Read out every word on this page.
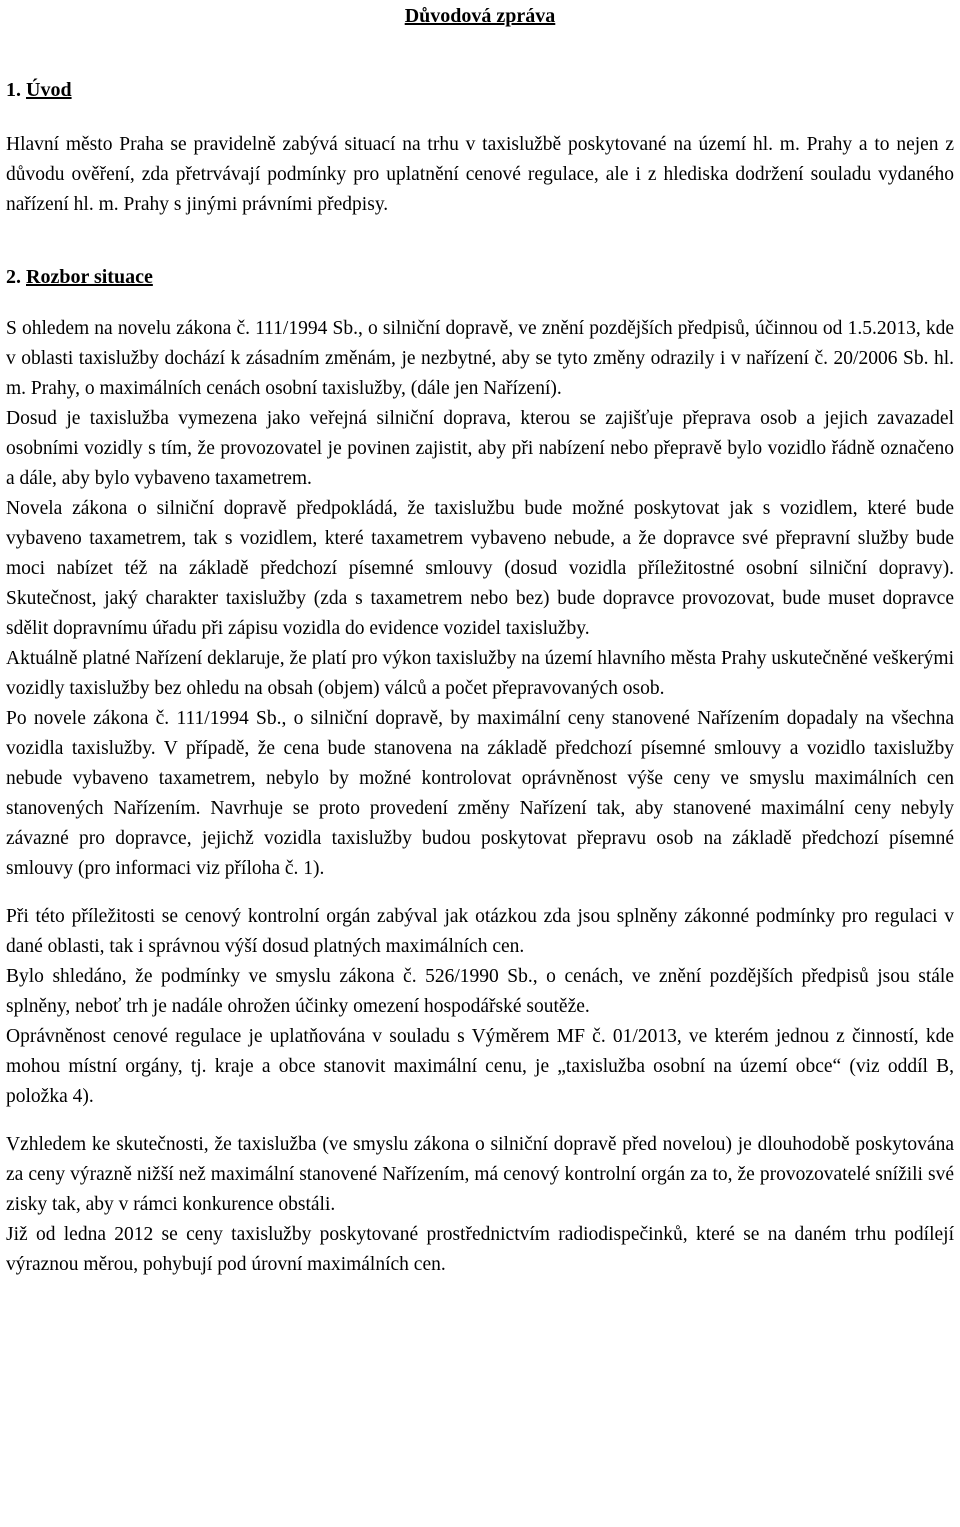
Důvodová zpráva
1. Úvod

Hlavní město Praha se pravidelně zabývá situací na trhu v taxislužbě poskytované na území hl. m. Prahy a to nejen z důvodu ověření, zda přetrvávají podmínky pro uplatnění cenové regulace, ale i z hlediska dodržení souladu vydaného nařízení hl. m. Prahy s jinými právními předpisy.

2. Rozbor situace

S ohledem na novelu zákona č. 111/1994 Sb., o silniční dopravě, ve znění pozdějších předpisů, účinnou od 1.5.2013, kde v oblasti taxislužby dochází k zásadním změnám, je nezbytné, aby se tyto změny odrazily i v nařízení č. 20/2006 Sb. hl. m. Prahy, o maximálních cenách osobní taxislužby, (dále jen Nařízení).

Dosud je taxislužba vymezena jako veřejná silniční doprava, kterou se zajišťuje přeprava osob a jejich zavazadel osobními vozidly s tím, že provozovatel je povinen zajistit, aby při nabízení nebo přepravě bylo vozidlo řádně označeno a dále, aby bylo vybaveno taxametrem.

Novela zákona o silniční dopravě předpokládá, že taxislužbu bude možné poskytovat jak s vozidlem, které bude vybaveno taxametrem, tak s vozidlem, které taxametrem vybaveno nebude, a že dopravce své přepravní služby bude moci nabízet též na základě předchozí písemné smlouvy (dosud vozidla příležitostné osobní silniční dopravy). Skutečnost, jaký charakter taxislužby (zda s taxametrem nebo bez) bude dopravce provozovat, bude muset dopravce sdělit dopravnímu úřadu při zápisu vozidla do evidence vozidel taxislužby.

Aktuálně platné Nařízení deklaruje, že platí pro výkon taxislužby na území hlavního města Prahy uskutečněné veškerými vozidly taxislužby bez ohledu na obsah (objem) válců a počet přepravovaných osob.

Po novele zákona č. 111/1994 Sb., o silniční dopravě, by maximální ceny stanovené Nařízením dopadaly na všechna vozidla taxislužby. V případě, že cena bude stanovena na základě předchozí písemné smlouvy a vozidlo taxislužby nebude vybaveno taxametrem, nebylo by možné kontrolovat oprávněnost výše ceny ve smyslu maximálních cen stanovených Nařízením. Navrhuje se proto provedení změny Nařízení tak, aby stanovené maximální ceny nebyly závazné pro dopravce, jejichž vozidla taxislužby budou poskytovat přepravu osob na základě předchozí písemné smlouvy (pro informaci viz příloha č. 1).

Při této příležitosti se cenový kontrolní orgán zabýval jak otázkou zda jsou splněny zákonné podmínky pro regulaci v dané oblasti, tak i správnou výší dosud platných maximálních cen.

Bylo shledáno, že podmínky ve smyslu zákona č. 526/1990 Sb., o cenách, ve znění pozdějších předpisů jsou stále splněny, neboť trh je nadále ohrožen účinky omezení hospodářské soutěže.

Oprávněnost cenové regulace je uplatňována v souladu s Výměrem MF č. 01/2013, ve kterém jednou z činností, kde mohou místní orgány, tj. kraje a obce stanovit maximální cenu, je „taxislužba osobní na území obce“ (viz oddíl B, položka 4).

Vzhledem ke skutečnosti, že taxislužba (ve smyslu zákona o silniční dopravě před novelou) je dlouhodobě poskytována za ceny výrazně nižší než maximální stanovené Nařízením, má cenový kontrolní orgán za to, že provozovatelé snížili své zisky tak, aby v rámci konkurence obstáli.

Již od ledna 2012 se ceny taxislužby poskytované prostřednictvím radiodispečinků, které se na daném trhu podílejí výraznou měrou, pohybují pod úrovní maximálních cen.
